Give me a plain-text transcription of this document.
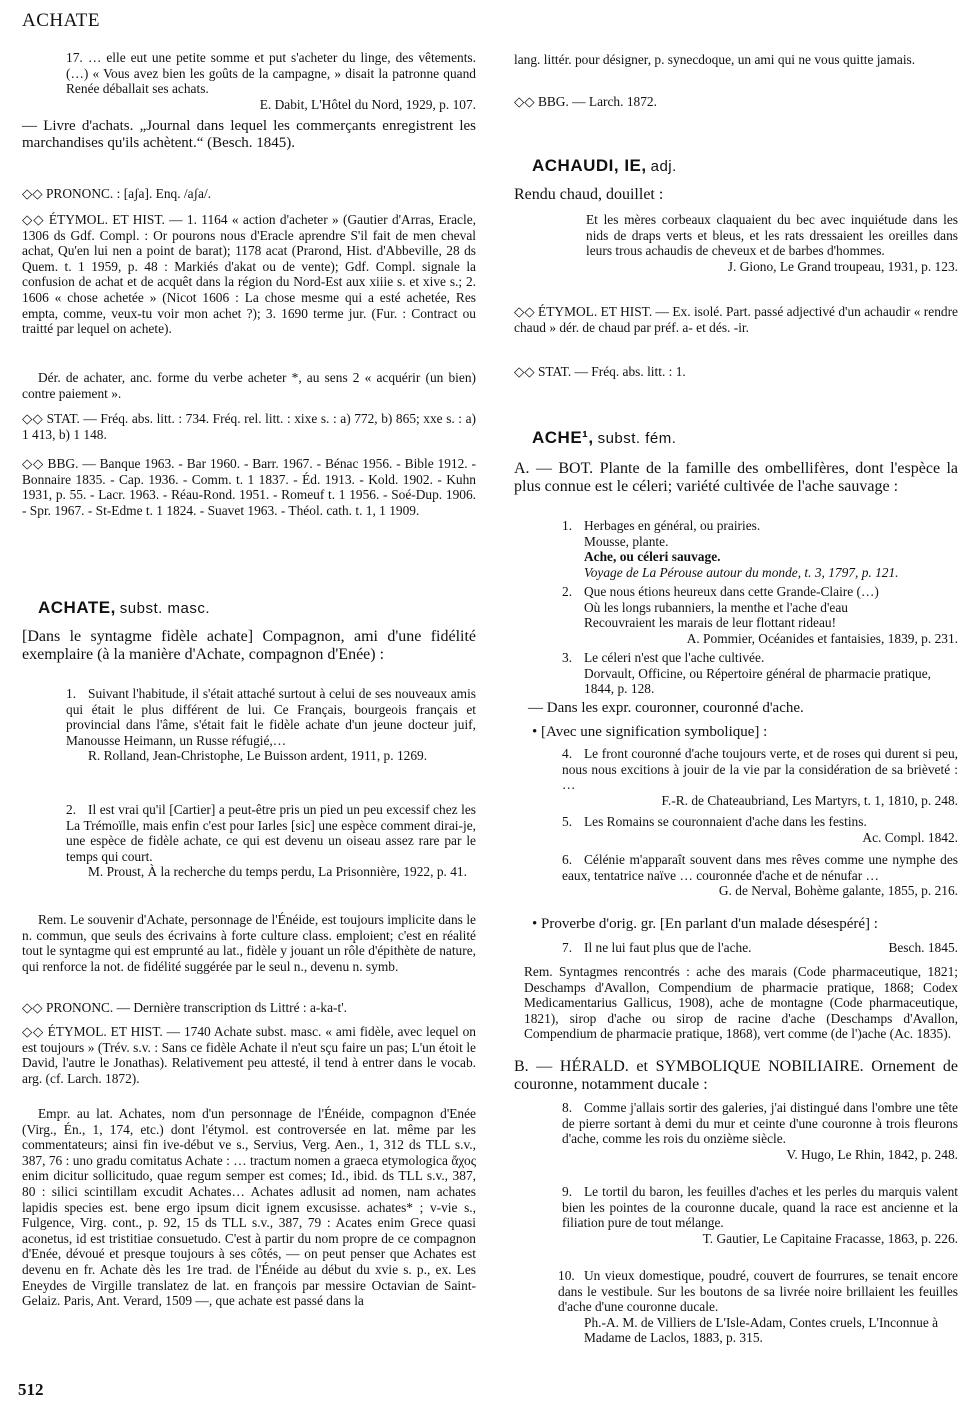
ACHATE

17. … elle eut une petite somme et put s'acheter du linge, des vêtements. (…) « Vous avez bien les goûts de la campagne, » disait la patronne quand Renée déballait ses achats.

E. Dabit, L'Hôtel du Nord, 1929, p. 107.

— Livre d'achats. „Journal dans lequel les commerçants enregistrent les marchandises qu'ils achètent.“ (Besch. 1845).

◇◇ PRONONC. : [aʃa]. Enq. /aʃa/.

◇◇ ÉTYMOL. ET HIST. — 1. 1164 « action d'acheter » (Gautier d'Arras, Eracle, 1306 ds Gdf. Compl. : Or pourons nous d'Eracle aprendre S'il fait de men cheval achat, Qu'en lui nen a point de barat); 1178 acat (Prarond, Hist. d'Abbeville, 28 ds Quem. t. 1 1959, p. 48 : Markiés d'akat ou de vente); Gdf. Compl. signale la confusion de achat et de acquêt dans la région du Nord-Est aux xiiie s. et xive s.; 2. 1606 « chose achetée » (Nicot 1606 : La chose mesme qui a esté achetée, Res empta, comme, veux-tu voir mon achet ?); 3. 1690 terme jur. (Fur. : Contract ou traitté par lequel on achete).

Dér. de achater, anc. forme du verbe acheter *, au sens 2 « acquérir (un bien) contre paiement ».

◇◇ STAT. — Fréq. abs. litt. : 734. Fréq. rel. litt. : xixe s. : a) 772, b) 865; xxe s. : a) 1 413, b) 1 148.

◇◇ BBG. — Banque 1963. - Bar 1960. - Barr. 1967. - Bénac 1956. - Bible 1912. - Bonnaire 1835. - Cap. 1936. - Comm. t. 1 1837. - Éd. 1913. - Kold. 1902. - Kuhn 1931, p. 55. - Lacr. 1963. - Réau-Rond. 1951. - Romeuf t. 1 1956. - Soé-Dup. 1906. - Spr. 1967. - St-Edme t. 1 1824. - Suavet 1963. - Théol. cath. t. 1, 1 1909.

ACHATE, subst. masc.

[Dans le syntagme fidèle achate] Compagnon, ami d'une fidélité exemplaire (à la manière d'Achate, compagnon d'Enée) :

1. Suivant l'habitude, il s'était attaché surtout à celui de ses nouveaux amis qui était le plus différent de lui. Ce Français, bourgeois français et provincial dans l'âme, s'était fait le fidèle achate d'un jeune docteur juif, Manousse Heimann, un Russe réfugié,…

R. Rolland, Jean-Christophe, Le Buisson ardent, 1911, p. 1269.

2. Il est vrai qu'il [Cartier] a peut-être pris un pied un peu excessif chez les La Trémoïlle, mais enfin c'est pour Iarles [sic] une espèce comment dirai-je, une espèce de fidèle achate, ce qui est devenu un oiseau assez rare par le temps qui court.

M. Proust, À la recherche du temps perdu, La Prisonnière, 1922, p. 41.

Rem. Le souvenir d'Achate, personnage de l'Énéide, est toujours implicite dans le n. commun, que seuls des écrivains à forte culture class. emploient; c'est en réalité tout le syntagme qui est emprunté au lat., fidèle y jouant un rôle d'épithète de nature, qui renforce la not. de fidélité suggérée par le seul n., devenu n. symb.

◇◇ PRONONC. — Dernière transcription ds Littré : a-ka-t'.

◇◇ ÉTYMOL. ET HIST. — 1740 Achate subst. masc. « ami fidèle, avec lequel on est toujours » (Trév. s.v. : Sans ce fidèle Achate il n'eut sçu faire un pas; L'un étoit le David, l'autre le Jonathas). Relativement peu attesté, il tend à entrer dans le vocab. arg. (cf. Larch. 1872).

Empr. au lat. Achates, nom d'un personnage de l'Énéide, compagnon d'Enée (Virg., Én., 1, 174, etc.) dont l'étymol. est controversée en lat. même par les commentateurs; ainsi fin ive-début ve s., Servius, Verg. Aen., 1, 312 ds TLL s.v., 387, 76 : uno gradu comitatus Achate : … tractum nomen a graeca etymologica ἄχος enim dicitur sollicitudo, quae regum semper est comes; Id., ibid. ds TLL s.v., 387, 80 : silici scintillam excudit Achates… Achates adlusit ad nomen, nam achates lapidis species est. bene ergo ipsum dicit ignem excusisse. achates* ; v-vie s., Fulgence, Virg. cont., p. 92, 15 ds TLL s.v., 387, 79 : Acates enim Grece quasi aconetus, id est tristitiae consuetudo. C'est à partir du nom propre de ce compagnon d'Enée, dévoué et presque toujours à ses côtés, — on peut penser que Achates est devenu en fr. Achate dès les 1re trad. de l'Énéide au début du xvie s. p., ex. Les Eneydes de Virgille translatez de lat. en françois par messire Octavian de Saint-Gelaiz. Paris, Ant. Verard, 1509 —, que achate est passé dans la

lang. littér. pour désigner, p. synecdoque, un ami qui ne vous quitte jamais.

◇◇ BBG. — Larch. 1872.

ACHAUDI, IE, adj.

Rendu chaud, douillet :

Et les mères corbeaux claquaient du bec avec inquiétude dans les nids de draps verts et bleus, et les rats dressaient les oreilles dans leurs trous achaudis de cheveux et de barbes d'hommes.

J. Giono, Le Grand troupeau, 1931, p. 123.

◇◇ ÉTYMOL. ET HIST. — Ex. isolé. Part. passé adjectivé d'un achaudir « rendre chaud » dér. de chaud par préf. a- et dés. -ir.

◇◇ STAT. — Fréq. abs. litt. : 1.

ACHE¹, subst. fém.

A. — BOT. Plante de la famille des ombellifères, dont l'espèce la plus connue est le céleri; variété cultivée de l'ache sauvage :

1. Herbages en général, ou prairies.

Mousse, plante.

Ache, ou céleri sauvage.

Voyage de La Pérouse autour du monde, t. 3, 1797, p. 121.

2. Que nous étions heureux dans cette Grande-Claire (…)

Où les longs rubanniers, la menthe et l'ache d'eau

Recouvraient les marais de leur flottant rideau!

A. Pommier, Océanides et fantaisies, 1839, p. 231.

3. Le céleri n'est que l'ache cultivée.

Dorvault, Officine, ou Répertoire général de pharmacie pratique, 1844, p. 128.

— Dans les expr. couronner, couronné d'ache.

• [Avec une signification symbolique] :

4. Le front couronné d'ache toujours verte, et de roses qui durent si peu, nous nous excitions à jouir de la vie par la considération de sa brièveté : …

F.-R. de Chateaubriand, Les Martyrs, t. 1, 1810, p. 248.

5. Les Romains se couronnaient d'ache dans les festins.

Ac. Compl. 1842.

6. Célénie m'apparaît souvent dans mes rêves comme une nymphe des eaux, tentatrice naïve … couronnée d'ache et de nénufar …

G. de Nerval, Bohème galante, 1855, p. 216.

• Proverbe d'orig. gr. [En parlant d'un malade désespéré] :

7. Il ne lui faut plus que de l'ache.	Besch. 1845.

Rem. Syntagmes rencontrés : ache des marais (Code pharmaceutique, 1821; Deschamps d'Avallon, Compendium de pharmacie pratique, 1868; Codex Medicamentarius Gallicus, 1908), ache de montagne (Code pharmaceutique, 1821), sirop d'ache ou sirop de racine d'ache (Deschamps d'Avallon, Compendium de pharmacie pratique, 1868), vert comme (de l')ache (Ac. 1835).

B. — HÉRALD. et SYMBOLIQUE NOBILIAIRE. Ornement de couronne, notamment ducale :

8. Comme j'allais sortir des galeries, j'ai distingué dans l'ombre une tête de pierre sortant à demi du mur et ceinte d'une couronne à trois fleurons d'ache, comme les rois du onzième siècle.

V. Hugo, Le Rhin, 1842, p. 248.

9. Le tortil du baron, les feuilles d'aches et les perles du marquis valent bien les pointes de la couronne ducale, quand la race est ancienne et la filiation pure de tout mélange.

T. Gautier, Le Capitaine Fracasse, 1863, p. 226.

10. Un vieux domestique, poudré, couvert de fourrures, se tenait encore dans le vestibule. Sur les boutons de sa livrée noire brillaient les feuilles d'ache d'une couronne ducale.

Ph.-A. M. de Villiers de L'Isle-Adam, Contes cruels, L'Inconnue à Madame de Laclos, 1883, p. 315.

512
